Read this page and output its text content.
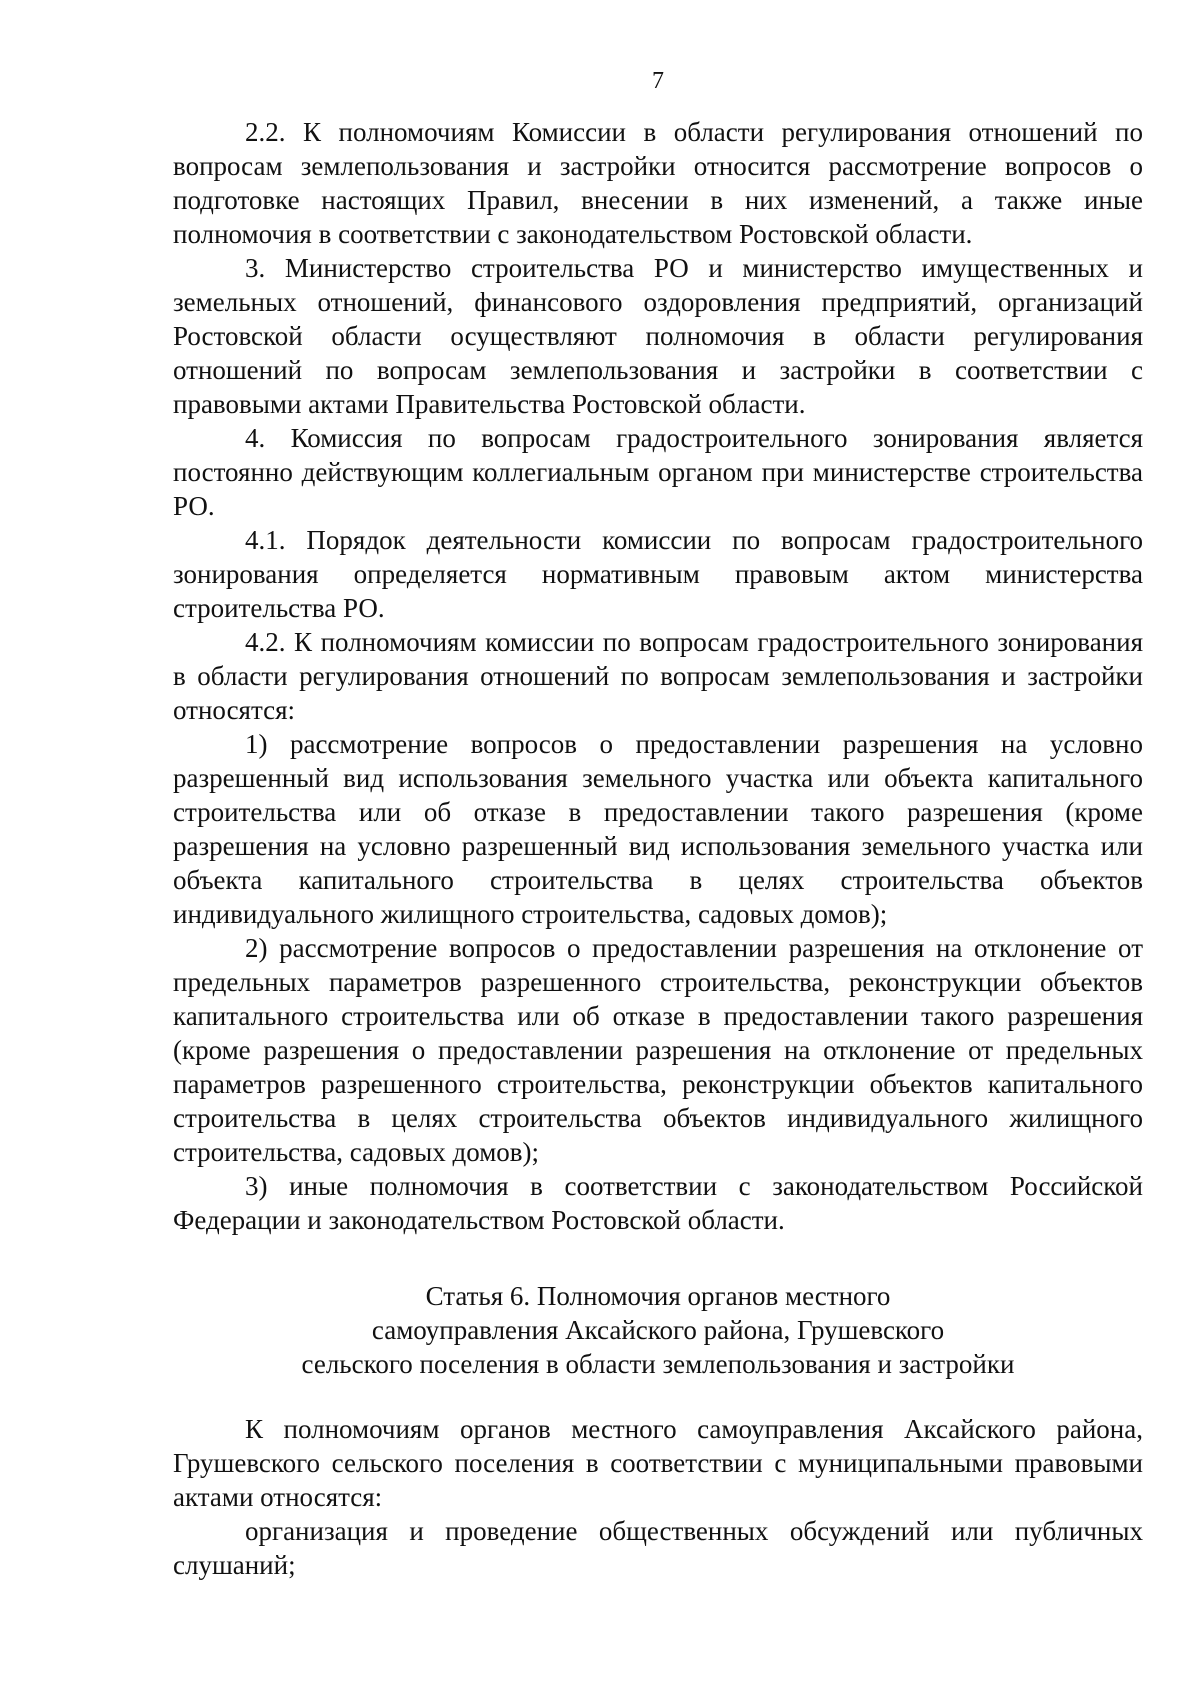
7

2.2. К полномочиям Комиссии в области регулирования отношений по вопросам землепользования и застройки относится рассмотрение вопросов о подготовке настоящих Правил, внесении в них изменений, а также иные полномочия в соответствии с законодательством Ростовской области.

3. Министерство строительства РО и министерство имущественных и земельных отношений, финансового оздоровления предприятий, организаций Ростовской области осуществляют полномочия в области регулирования отношений по вопросам землепользования и застройки в соответствии с правовыми актами Правительства Ростовской области.

4. Комиссия по вопросам градостроительного зонирования является постоянно действующим коллегиальным органом при министерстве строительства РО.

4.1. Порядок деятельности комиссии по вопросам градостроительного зонирования определяется нормативным правовым актом министерства строительства РО.

4.2. К полномочиям комиссии по вопросам градостроительного зонирования в области регулирования отношений по вопросам землепользования и застройки относятся:

1) рассмотрение вопросов о предоставлении разрешения на условно разрешенный вид использования земельного участка или объекта капитального строительства или об отказе в предоставлении такого разрешения (кроме разрешения на условно разрешенный вид использования земельного участка или объекта капитального строительства в целях строительства объектов индивидуального жилищного строительства, садовых домов);

2) рассмотрение вопросов о предоставлении разрешения на отклонение от предельных параметров разрешенного строительства, реконструкции объектов капитального строительства или об отказе в предоставлении такого разрешения (кроме разрешения о предоставлении разрешения на отклонение от предельных параметров разрешенного строительства, реконструкции объектов капитального строительства в целях строительства объектов индивидуального жилищного строительства, садовых домов);

3) иные полномочия в соответствии с законодательством Российской Федерации и законодательством Ростовской области.

Статья 6. Полномочия органов местного
самоуправления Аксайского района, Грушевского
сельского поселения в области землепользования и застройки

К полномочиям органов местного самоуправления Аксайского района, Грушевского сельского поселения в соответствии с муниципальными правовыми актами относятся:

организация и проведение общественных обсуждений или публичных слушаний;
